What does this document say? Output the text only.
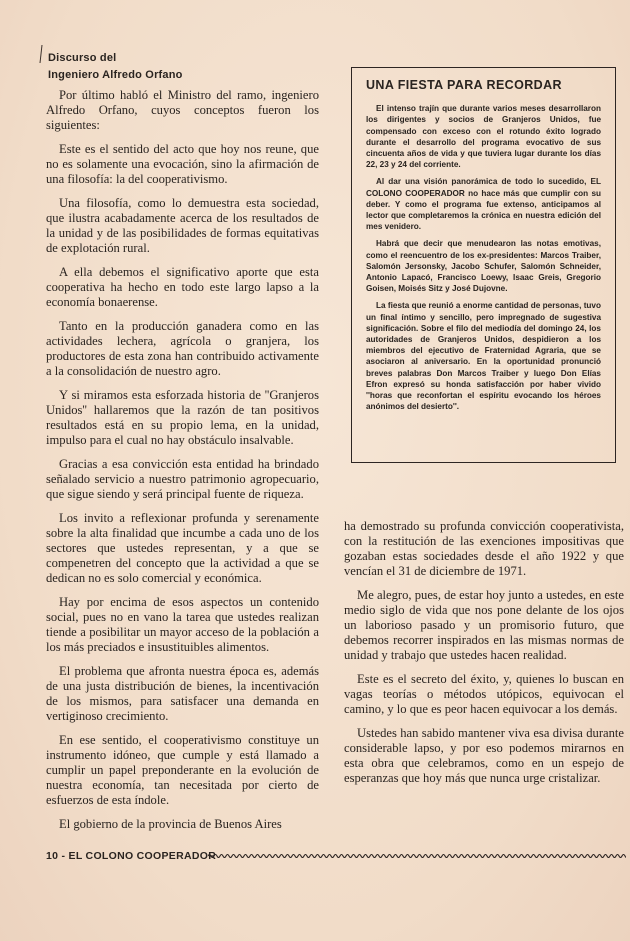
Discurso del
Ingeniero Alfredo Orfano

Por último habló el Ministro del ramo, ingeniero Alfredo Orfano, cuyos conceptos fueron los siguientes:

Este es el sentido del acto que hoy nos reune, que no es solamente una evocación, sino la afirmación de una filosofía: la del cooperativismo.

Una filosofía, como lo demuestra esta sociedad, que ilustra acabadamente acerca de los resultados de la unidad y de las posibilidades de formas equitativas de explotación rural.

A ella debemos el significativo aporte que esta cooperativa ha hecho en todo este largo lapso a la economía bonaerense.

Tanto en la producción ganadera como en las actividades lechera, agrícola o granjera, los productores de esta zona han contribuido activamente a la consolidación de nuestro agro.

Y si miramos esta esforzada historia de ''Granjeros Unidos'' hallaremos que la razón de tan positivos resultados está en su propio lema, en la unidad, impulso para el cual no hay obstáculo insalvable.

Gracias a esa convicción esta entidad ha brindado señalado servicio a nuestro patrimonio agropecuario, que sigue siendo y será principal fuente de riqueza.

Los invito a reflexionar profunda y serenamente sobre la alta finalidad que incumbe a cada uno de los sectores que ustedes representan, y a que se compenetren del concepto que la actividad a que se dedican no es solo comercial y económica.

Hay por encima de esos aspectos un contenido social, pues no en vano la tarea que ustedes realizan tiende a posibilitar un mayor acceso de la población a los más preciados e insustituibles alimentos.

El problema que afronta nuestra época es, además de una justa distribución de bienes, la incentivación de los mismos, para satisfacer una demanda en vertiginoso crecimiento.

En ese sentido, el cooperativismo constituye un instrumento idóneo, que cumple y está llamado a cumplir un papel preponderante en la evolución de nuestra economía, tan necesitada por cierto de esfuerzos de esta índole.

El gobierno de la provincia de Buenos Aires

UNA FIESTA PARA RECORDAR

El intenso trajín que durante varios meses desarrollaron los dirigentes y socios de Granjeros Unidos, fue compensado con exceso con el rotundo éxito logrado durante el desarrollo del programa evocativo de sus cincuenta años de vida y que tuviera lugar durante los días 22, 23 y 24 del corriente.

Al dar una visión panorámica de todo lo sucedido, EL COLONO COOPERADOR no hace más que cumplir con su deber. Y como el programa fue extenso, anticipamos al lector que completaremos la crónica en nuestra edición del mes venidero.

Habrá que decir que menudearon las notas emotivas, como el reencuentro de los ex-presidentes: Marcos Traiber, Salomón Jersonsky, Jacobo Schufer, Salomón Schneider, Antonio Lapacó, Francisco Loewy, Isaac Greis, Gregorio Goisen, Moisés Sitz y José Dujovne.

La fiesta que reunió a enorme cantidad de personas, tuvo un final íntimo y sencillo, pero impregnado de sugestiva significación. Sobre el filo del mediodía del domingo 24, los autoridades de Granjeros Unidos, despidieron a los miembros del ejecutivo de Fraternidad Agraria, que se asociaron al aniversario. En la oportunidad pronunció breves palabras Don Marcos Traiber y luego Don Elías Efron expresó su honda satisfacción por haber vivido ''horas que reconfortan el espíritu evocando los héroes anónimos del desierto''.

ha demostrado su profunda convicción cooperativista, con la restitución de las exenciones impositivas que gozaban estas sociedades desde el año 1922 y que vencían el 31 de diciembre de 1971.

Me alegro, pues, de estar hoy junto a ustedes, en este medio siglo de vida que nos pone delante de los ojos un laborioso pasado y un promisorio futuro, que debemos recorrer inspirados en las mismas normas de unidad y trabajo que ustedes hacen realidad.

Este es el secreto del éxito, y, quienes lo buscan en vagas teorías o métodos utópicos, equivocan el camino, y lo que es peor hacen equivocar a los demás.

Ustedes han sabido mantener viva esa divisa durante considerable lapso, y por eso podemos mirarnos en esta obra que celebramos, como en un espejo de esperanzas que hoy más que nunca urge cristalizar.

10 - EL COLONO COOPERADOR
